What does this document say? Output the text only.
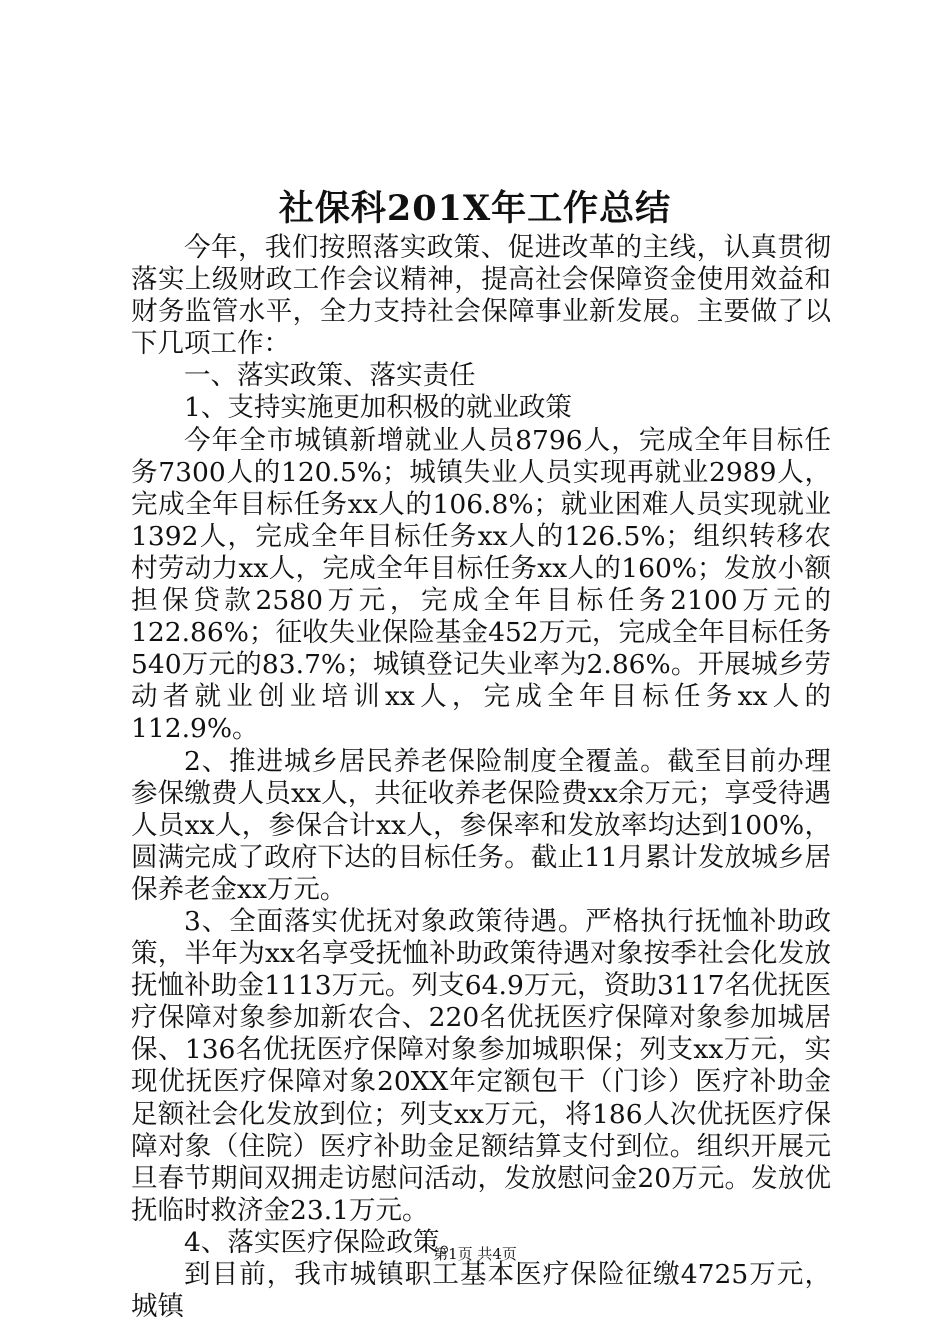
社保科201X年工作总结

今年，我们按照落实政策、促进改革的主线，认真贯彻落实上级财政工作会议精神，提高社会保障资金使用效益和财务监管水平，全力支持社会保障事业新发展。主要做了以下几项工作：

一、落实政策、落实责任

1、支持实施更加积极的就业政策

今年全市城镇新增就业人员8796人，完成全年目标任务7300人的120.5%；城镇失业人员实现再就业2989人，完成全年目标任务xx人的106.8%；就业困难人员实现就业1392人，完成全年目标任务xx人的126.5%；组织转移农村劳动力xx人，完成全年目标任务xx人的160%；发放小额担保贷款2580万元，完成全年目标任务2100万元的122.86%；征收失业保险基金452万元，完成全年目标任务540万元的83.7%；城镇登记失业率为2.86%。开展城乡劳动者就业创业培训xx人，完成全年目标任务xx人的112.9%。

2、推进城乡居民养老保险制度全覆盖。截至目前办理参保缴费人员xx人，共征收养老保险费xx余万元；享受待遇人员xx人，参保合计xx人，参保率和发放率均达到100%，圆满完成了政府下达的目标任务。截止11月累计发放城乡居保养老金xx万元。

3、全面落实优抚对象政策待遇。严格执行抚恤补助政策，半年为xx名享受抚恤补助政策待遇对象按季社会化发放抚恤补助金1113万元。列支64.9万元，资助3117名优抚医疗保障对象参加新农合、220名优抚医疗保障对象参加城居保、136名优抚医疗保障对象参加城职保；列支xx万元，实现优抚医疗保障对象20XX年定额包干（门诊）医疗补助金足额社会化发放到位；列支xx万元，将186人次优抚医疗保障对象（住院）医疗补助金足额结算支付到位。组织开展元旦春节期间双拥走访慰问活动，发放慰问金20万元。发放优抚临时救济金23.1万元。

4、落实医疗保险政策。

到目前，我市城镇职工基本医疗保险征缴4725万元，城镇

第1页 共4页
